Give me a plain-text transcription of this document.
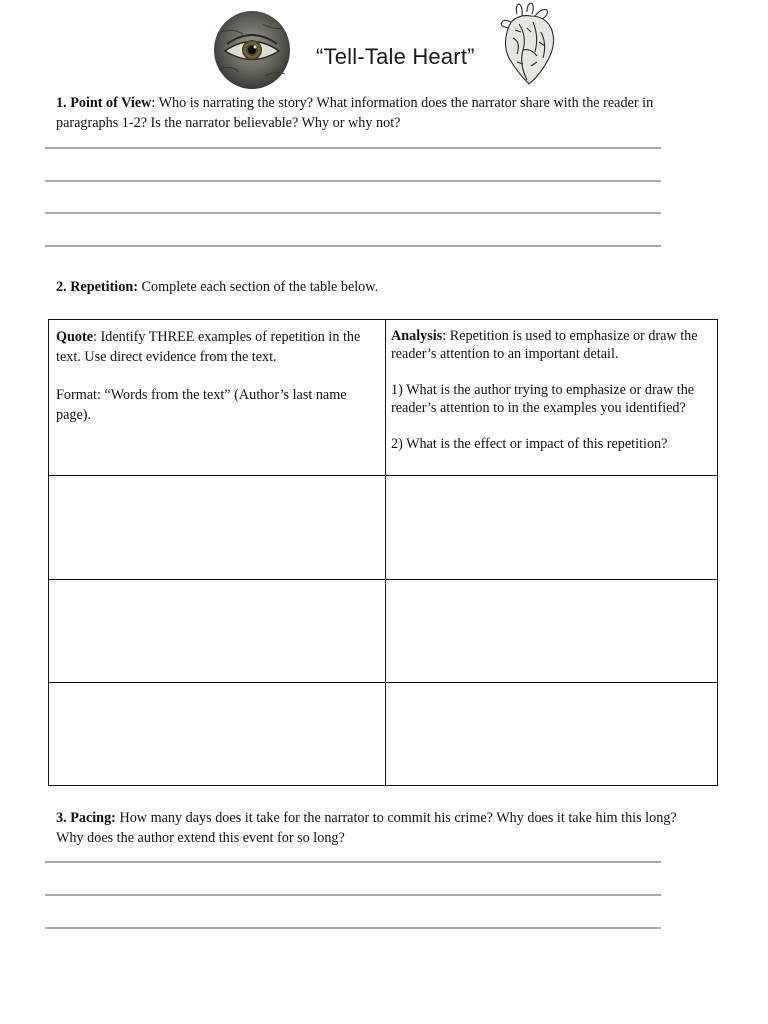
“Tell-Tale Heart”
1. Point of View: Who is narrating the story? What information does the narrator share with the reader in paragraphs 1-2? Is the narrator believable? Why or why not?
2. Repetition: Complete each section of the table below.

Quote: Identify THREE examples of repetition in the text. Use direct evidence from the text.

Format: “Words from the text” (Author’s last name page).

Analysis: Repetition is used to emphasize or draw the reader’s attention to an important detail.

1) What is the author trying to emphasize or draw the reader’s attention to in the examples you identified?

2) What is the effect or impact of this repetition?

3. Pacing: How many days does it take for the narrator to commit his crime? Why does it take him this long? Why does the author extend this event for so long?
